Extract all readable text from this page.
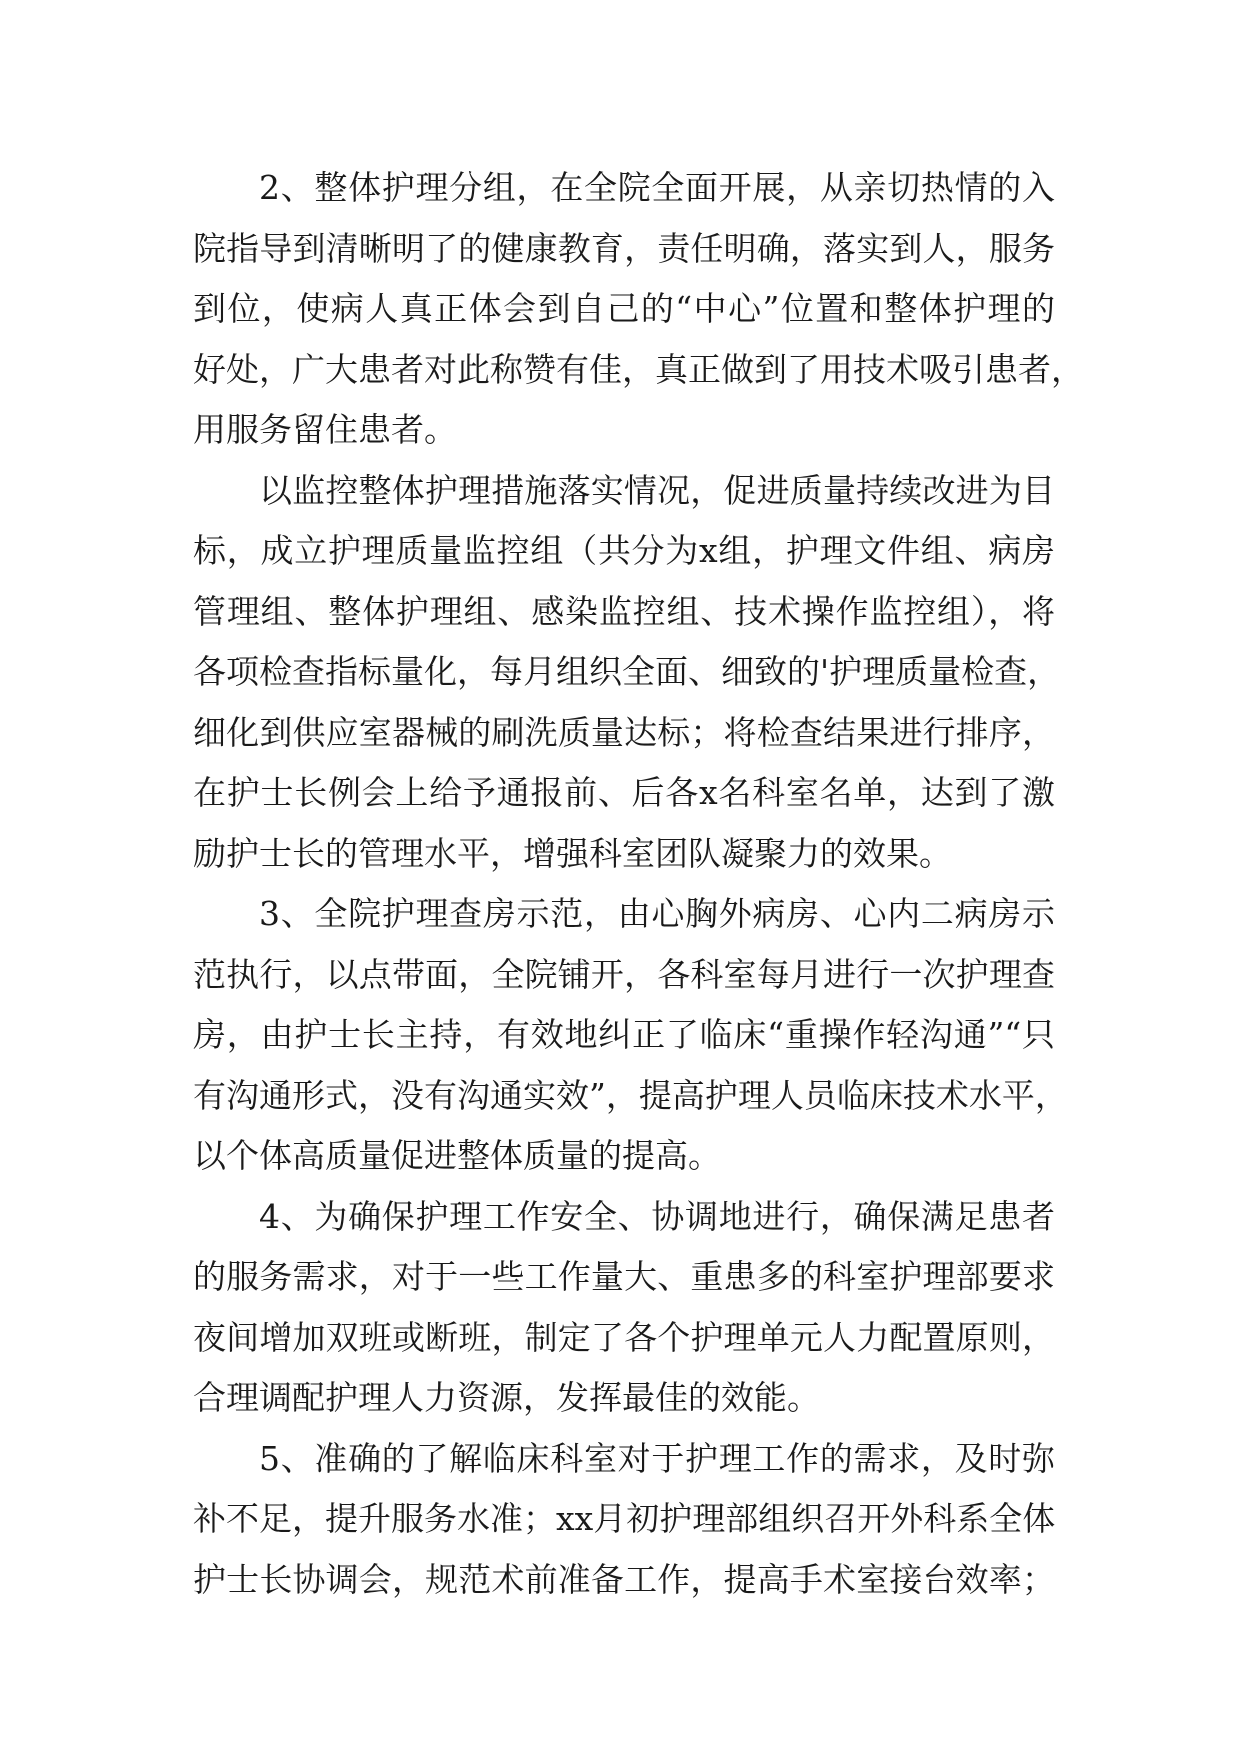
2、整体护理分组，在全院全面开展，从亲切热情的入
院指导到清晰明了的健康教育，责任明确，落实到人，服务
到位，使病人真正体会到自己的“中心”位置和整体护理的
好处，广大患者对此称赞有佳，真正做到了用技术吸引患者，
用服务留住患者。

以监控整体护理措施落实情况，促进质量持续改进为目
标，成立护理质量监控组（共分为x组，护理文件组、病房
管理组、整体护理组、感染监控组、技术操作监控组），将
各项检查指标量化，每月组织全面、细致的'护理质量检查，
细化到供应室器械的刷洗质量达标；将检查结果进行排序，
在护士长例会上给予通报前、后各x名科室名单，达到了激
励护士长的管理水平，增强科室团队凝聚力的效果。

3、全院护理查房示范，由心胸外病房、心内二病房示
范执行，以点带面，全院铺开，各科室每月进行一次护理查
房，由护士长主持，有效地纠正了临床“重操作轻沟通”“只
有沟通形式，没有沟通实效”，提高护理人员临床技术水平，
以个体高质量促进整体质量的提高。

4、为确保护理工作安全、协调地进行，确保满足患者
的服务需求，对于一些工作量大、重患多的科室护理部要求
夜间增加双班或断班，制定了各个护理单元人力配置原则，
合理调配护理人力资源，发挥最佳的效能。

5、准确的了解临床科室对于护理工作的需求，及时弥
补不足，提升服务水准；xx月初护理部组织召开外科系全体
护士长协调会，规范术前准备工作，提高手术室接台效率；
